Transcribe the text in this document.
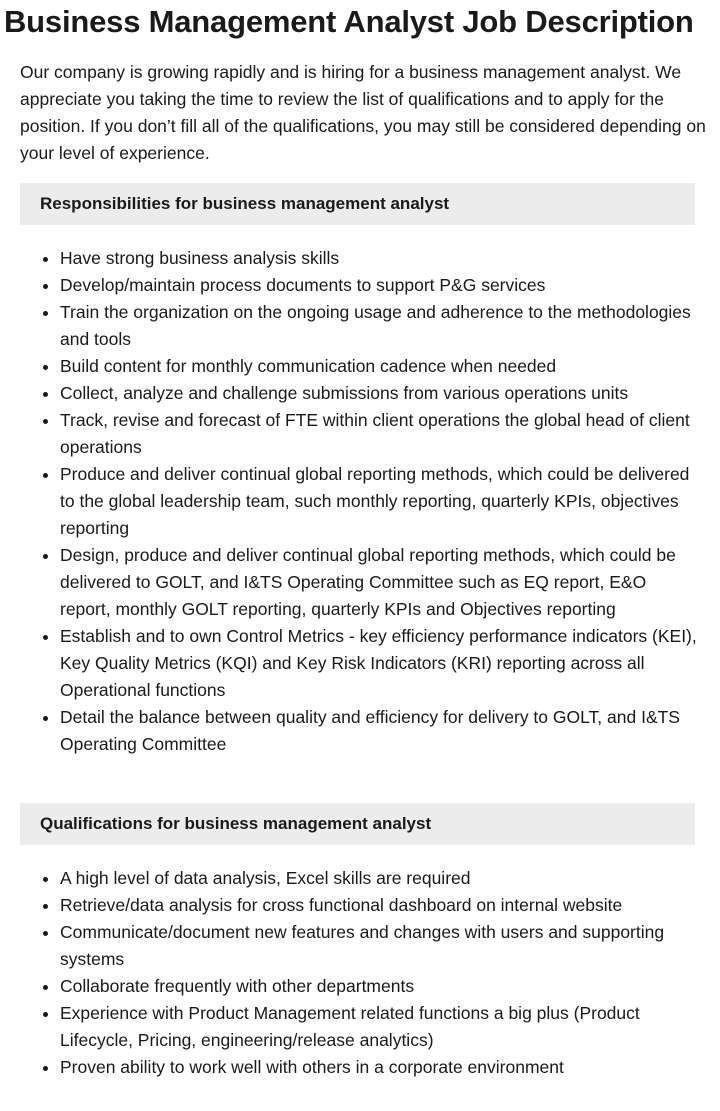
Business Management Analyst Job Description

Our company is growing rapidly and is hiring for a business management analyst. We appreciate you taking the time to review the list of qualifications and to apply for the position. If you don’t fill all of the qualifications, you may still be considered depending on your level of experience.

Responsibilities for business management analyst
• Have strong business analysis skills
• Develop/maintain process documents to support P&G services
• Train the organization on the ongoing usage and adherence to the methodologies and tools
• Build content for monthly communication cadence when needed
• Collect, analyze and challenge submissions from various operations units
• Track, revise and forecast of FTE within client operations the global head of client operations
• Produce and deliver continual global reporting methods, which could be delivered to the global leadership team, such monthly reporting, quarterly KPIs, objectives reporting
• Design, produce and deliver continual global reporting methods, which could be delivered to GOLT, and I&TS Operating Committee such as EQ report, E&O report, monthly GOLT reporting, quarterly KPIs and Objectives reporting
• Establish and to own Control Metrics - key efficiency performance indicators (KEI), Key Quality Metrics (KQI) and Key Risk Indicators (KRI) reporting across all Operational functions
• Detail the balance between quality and efficiency for delivery to GOLT, and I&TS Operating Committee
Qualifications for business management analyst
• A high level of data analysis, Excel skills are required
• Retrieve/data analysis for cross functional dashboard on internal website
• Communicate/document new features and changes with users and supporting systems
• Collaborate frequently with other departments
• Experience with Product Management related functions a big plus (Product Lifecycle, Pricing, engineering/release analytics)
• Proven ability to work well with others in a corporate environment
